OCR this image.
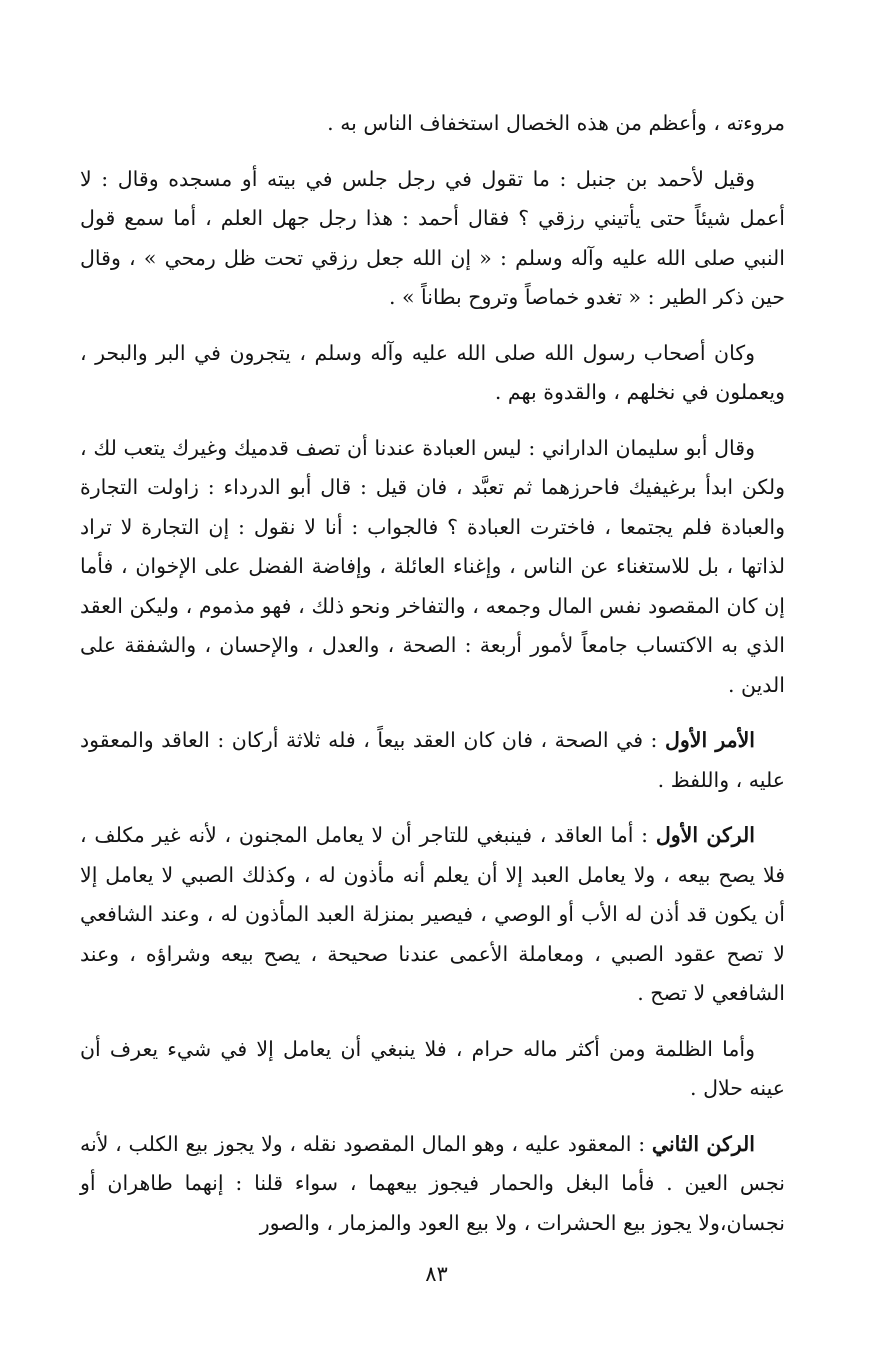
مروءته ، وأعظم من هذه الخصال استخفاف الناس به .

وقيل لأحمد بن جنبل : ما تقول في رجل جلس في بيته أو مسجده وقال : لا أعمل شيئاً حتى يأتيني رزقي ؟ فقال أحمد : هذا رجل جهل العلم ، أما سمع قول النبي صلى الله عليه وآله وسلم : « إن الله جعل رزقي تحت ظل رمحي » ، وقال حين ذكر الطير : « تغدو خماصاً وتروح بطاناً » .

وكان أصحاب رسول الله صلى الله عليه وآله وسلم ، يتجرون في البر والبحر ، ويعملون في نخلهم ، والقدوة بهم .

وقال أبو سليمان الداراني : ليس العبادة عندنا أن تصف قدميك وغيرك يتعب لك ، ولكن ابدأ برغيفيك فاحرزهما ثم تعبَّد ، فان قيل : قال أبو الدرداء : زاولت التجارة والعبادة فلم يجتمعا ، فاخترت العبادة ؟ فالجواب : أنا لا نقول : إن التجارة لا تراد لذاتها ، بل للاستغناء عن الناس ، وإغناء العائلة ، وإفاضة الفضل على الإخوان ، فأما إن كان المقصود نفس المال وجمعه ، والتفاخر ونحو ذلك ، فهو مذموم ، وليكن العقد الذي به الاكتساب جامعاً لأمور أربعة : الصحة ، والعدل ، والإحسان ، والشفقة على الدين .

الأمر الأول : في الصحة ، فان كان العقد بيعاً ، فله ثلاثة أركان : العاقد والمعقود عليه ، واللفظ .

الركن الأول : أما العاقد ، فينبغي للتاجر أن لا يعامل المجنون ، لأنه غير مكلف ، فلا يصح بيعه ، ولا يعامل العبد إلا أن يعلم أنه مأذون له ، وكذلك الصبي لا يعامل إلا أن يكون قد أذن له الأب أو الوصي ، فيصير بمنزلة العبد المأذون له ، وعند الشافعي لا تصح عقود الصبي ، ومعاملة الأعمى عندنا صحيحة ، يصح بيعه وشراؤه ، وعند الشافعي لا تصح .

وأما الظلمة ومن أكثر ماله حرام ، فلا ينبغي أن يعامل إلا في شيء يعرف أن عينه حلال .

الركن الثاني : المعقود عليه ، وهو المال المقصود نقله ، ولا يجوز بيع الكلب ، لأنه نجس العين . فأما البغل والحمار فيجوز بيعهما ، سواء قلنا : إنهما طاهران أو نجسان،ولا يجوز بيع الحشرات ، ولا بيع العود والمزمار ، والصور

٨٣
